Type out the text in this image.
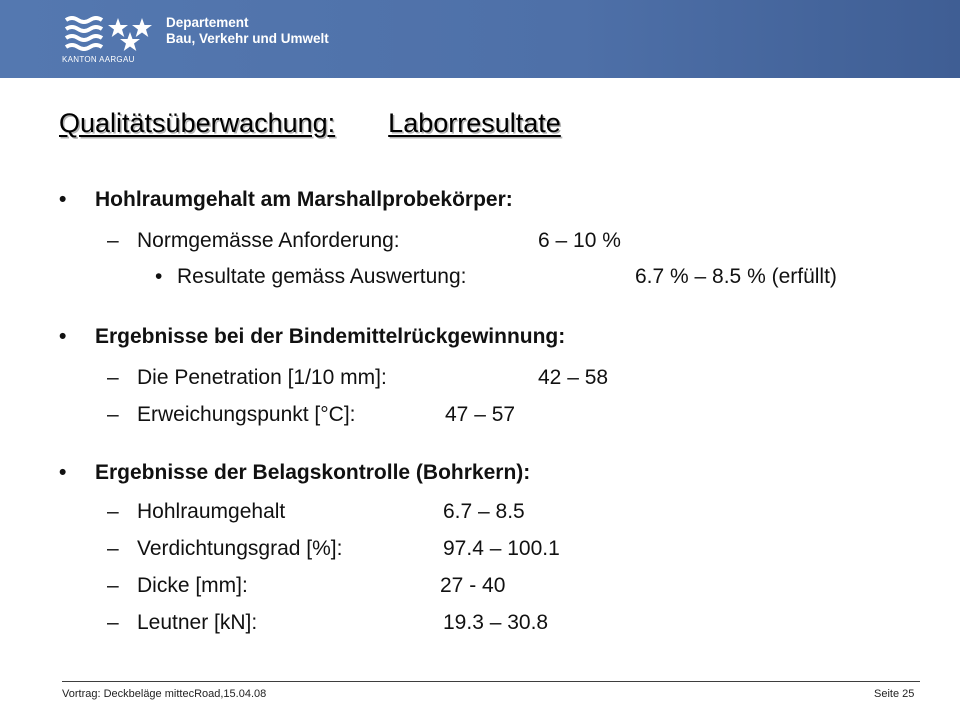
KANTON AARGAU
Departement
Bau, Verkehr und Umwelt
Qualitätsüberwachung: Laborresultate
• Hohlraumgehalt am Marshallprobekörper:
– Normgemässe Anforderung:	6 – 10 %
• Resultate gemäss Auswertung:	6.7 % – 8.5 % (erfüllt)
• Ergebnisse bei der Bindemittelrückgewinnung:
– Die Penetration [1/10 mm]:	42 – 58
– Erweichungspunkt [°C]:	47 – 57
• Ergebnisse der Belagskontrolle (Bohrkern):
– Hohlraumgehalt	6.7 – 8.5
– Verdichtungsgrad [%]:	97.4 – 100.1
– Dicke [mm]:	27 - 40
– Leutner [kN]:	19.3 – 30.8
Vortrag: Deckbeläge mittecRoad,15.04.08	Seite 25
